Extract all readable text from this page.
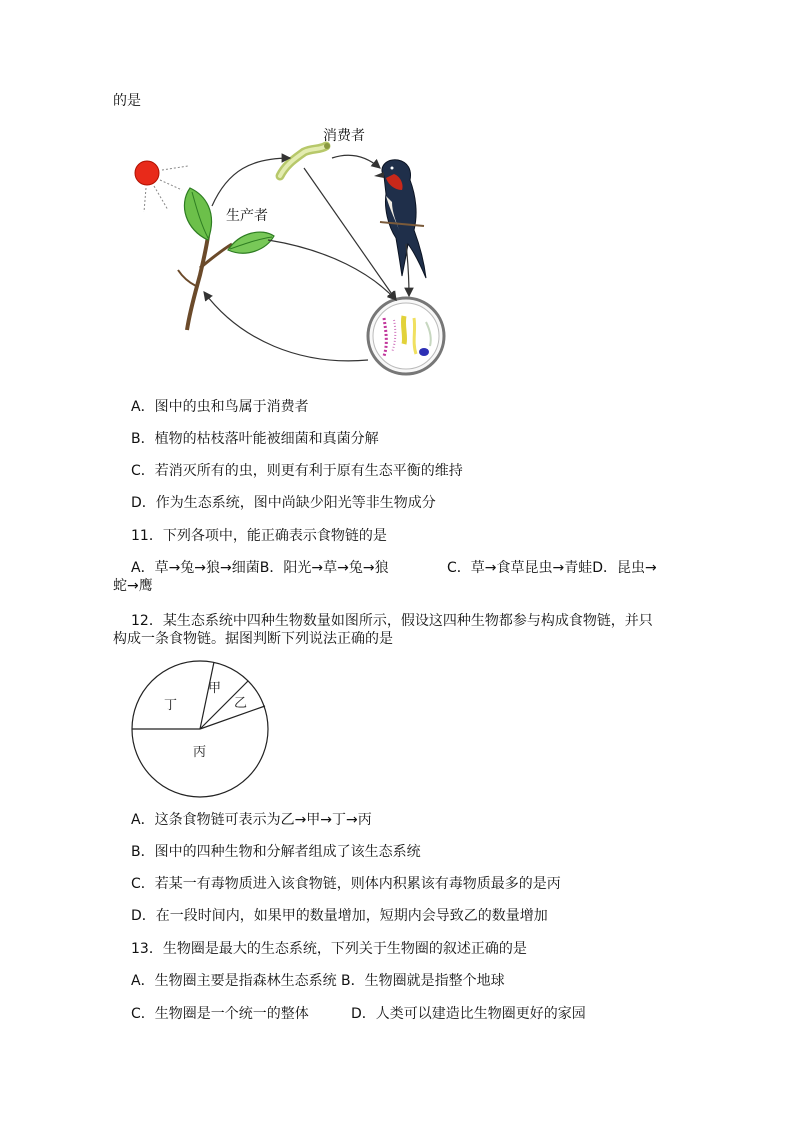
的是
消费者
生产者
A．图中的虫和鸟属于消费者
B．植物的枯枝落叶能被细菌和真菌分解
C．若消灭所有的虫，则更有利于原有生态平衡的维持
D．作为生态系统，图中尚缺少阳光等非生物成分
11．下列各项中，能正确表示食物链的是
A．草→兔→狼→细菌B．阳光→草→兔→狼	C．草→食草昆虫→青蛙D．昆虫→
蛇→鹰
12．某生态系统中四种生物数量如图所示，假设这四种生物都参与构成食物链，并只
构成一条食物链。据图判断下列说法正确的是
甲
乙
丙
丁
A．这条食物链可表示为乙→甲→丁→丙
B．图中的四种生物和分解者组成了该生态系统
C．若某一有毒物质进入该食物链，则体内积累该有毒物质最多的是丙
D．在一段时间内，如果甲的数量增加，短期内会导致乙的数量增加
13．生物圈是最大的生态系统，下列关于生物圈的叙述正确的是
A．生物圈主要是指森林生态系统 B．生物圈就是指整个地球
C．生物圈是一个统一的整体	D．人类可以建造比生物圈更好的家园
